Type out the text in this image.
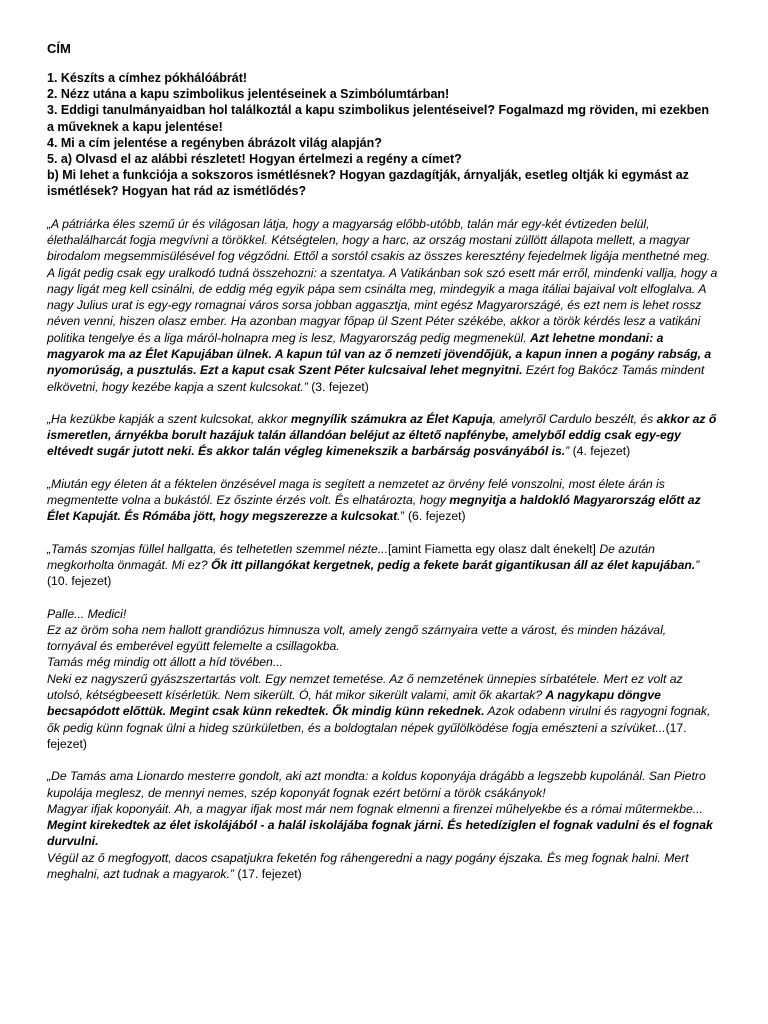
CÍM
1. Készíts a címhez pókhálóábrát!
2. Nézz utána a kapu szimbolikus jelentéseinek a Szimbólumtárban!
3. Eddigi tanulmányaidban hol találkoztál a kapu szimbolikus jelentéseivel? Fogalmazd mg röviden, mi ezekben a műveknek a kapu jelentése!
4. Mi a cím jelentése a regényben ábrázolt világ alapján?
5. a) Olvasd el az alábbi részletet! Hogyan értelmezi a regény a címet?
b) Mi lehet a funkciója a sokszoros ismétlésnek? Hogyan gazdagítják, árnyalják, esetleg oltják ki egymást az ismétlések? Hogyan hat rád az ismétlődés?
„A pátriárka éles szemű úr és világosan látja, hogy a magyarság előbb-utóbb, talán már egy-két évtizeden belül, élethalálharcát fogja megvívni a törökkel. Kétségtelen, hogy a harc, az ország mostani züllött állapota mellett, a magyar birodalom megsemmisülésével fog végződni. Ettől a sorstól csakis az összes keresztény fejedelmek ligája menthetné meg. A ligát pedig csak egy uralkodó tudná összehozni: a szentatya. A Vatikánban sok szó esett már erről, mindenki vallja, hogy a nagy ligát meg kell csinálni, de eddig még egyik pápa sem csinálta meg, mindegyik a maga itáliai bajaival volt elfoglalva. A nagy Julius urat is egy-egy romagnai város sorsa jobban aggasztja, mint egész Magyarországé, és ezt nem is lehet rossz néven venni, hiszen olasz ember. Ha azonban magyar főpap ül Szent Péter székébe, akkor a török kérdés lesz a vatikáni politika tengelye és a liga máról-holnapra meg is lesz, Magyarország pedig megmenekül. Azt lehetne mondani: a magyarok ma az Élet Kapujában ülnek. A kapun túl van az ő nemzeti jövendőjük, a kapun innen a pogány rabság, a nyomorúság, a pusztulás. Ezt a kaput csak Szent Péter kulcsaival lehet megnyitni. Ezért fog Bakócz Tamás mindent elkövetni, hogy kezébe kapja a szent kulcsokat.” (3. fejezet)
„Ha kezükbe kapják a szent kulcsokat, akkor megnyílik számukra az Élet Kapuja, amelyről Cardulo beszélt, és akkor az ő ismeretlen, árnyékba borult hazájuk talán állandóan beléjut az éltető napfénybe, amelyből eddig csak egy-egy eltévedt sugár jutott neki. És akkor talán végleg kimenekszik a barbárság posványából is.” (4. fejezet)
„Miután egy életen át a féktelen önzésével maga is segített a nemzetet az örvény felé vonszolni, most élete árán is megmentette volna a bukástól. Ez őszinte érzés volt. És elhatározta, hogy megnyitja a haldokló Magyarország előtt az Élet Kapuját. És Rómába jött, hogy megszerezze a kulcsokat.” (6. fejezet)
„Tamás szomjas füllel hallgatta, és telhetetlen szemmel nézte...[amint Fiametta egy olasz dalt énekelt] De azután megkorholta önmagát. Mi ez? Ők itt pillangókat kergetnek, pedig a fekete barát gigantikusan áll az élet kapujában.” (10. fejezet)
Palle... Medici!
Ez az öröm soha nem hallott grandiózus himnusza volt, amely zengő szárnyaira vette a várost, és minden házával, tornyával és emberével együtt felemelte a csillagokba.
Tamás még mindig ott állott a híd tövében...
Neki ez nagyszerű gyászszertartás volt. Egy nemzet temetése. Az ő nemzetének ünnepies sírbatétele. Mert ez volt az utolsó, kétségbeesett kísérletük. Nem sikerült. Ó, hát mikor sikerült valami, amit ők akartak? A nagykapu döngve becsapódott előttük. Megint csak künn rekedtek. Ők mindig künn rekednek. Azok odabenn virulni és ragyogni fognak, ők pedig künn fognak ülni a hideg szürkületben, és a boldogtalan népek gyűlölködése fogja emészteni a szívüket...(17. fejezet)
„De Tamás ama Lionardo mesterre gondolt, aki azt mondta: a koldus koponyája drágább a legszebb kupolánál. San Pietro kupolája meglesz, de mennyi nemes, szép koponyát fognak ezért betörni a török csákányok!
Magyar ifjak koponyáit. Ah, a magyar ifjak most már nem fognak elmenni a firenzei műhelyekbe és a római műtermekbe... Megint kirekedtek az élet iskolájából - a halál iskolájába fognak járni. És hetedíziglen el fognak vadulni és el fognak durvulni.
Végül az ő megfogyott, dacos csapatjukra feketén fog ráhengeredni a nagy pogány éjszaka. És meg fognak halni. Mert meghalni, azt tudnak a magyarok.” (17. fejezet)
